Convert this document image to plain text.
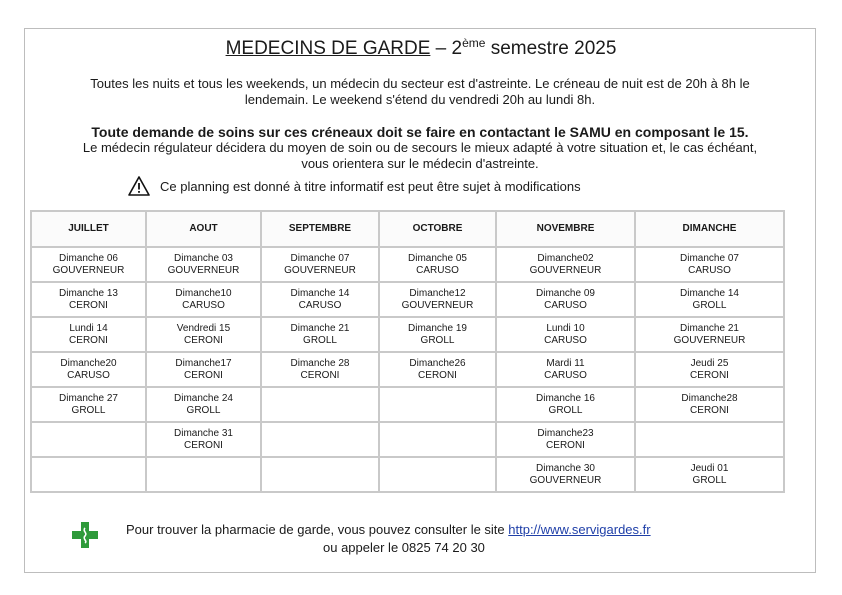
MEDECINS DE GARDE – 2ème semestre 2025
Toutes les nuits et tous les weekends, un médecin du secteur est d'astreinte. Le créneau de nuit est de 20h à 8h le
lendemain. Le weekend s'étend du vendredi 20h au lundi 8h.
Toute demande de soins sur ces créneaux doit se faire en contactant le SAMU en composant le 15.
Le médecin régulateur décidera du moyen de soin ou de secours le mieux adapté à votre situation et, le cas échéant,
vous orientera sur le médecin d'astreinte.
Ce planning est donné à titre informatif est peut être sujet à modifications
JUILLET	AOUT	SEPTEMBRE	OCTOBRE	NOVEMBRE	DIMANCHE

Dimanche 06
GOUVERNEUR	Dimanche 03
GOUVERNEUR	Dimanche 07
GOUVERNEUR	Dimanche 05
CARUSO	Dimanche02
GOUVERNEUR	Dimanche 07
CARUSO

Dimanche 13
CERONI	Dimanche10
CARUSO	Dimanche 14
CARUSO	Dimanche12
GOUVERNEUR	Dimanche 09
CARUSO	Dimanche 14
GROLL

Lundi 14
CERONI	Vendredi 15
CERONI	Dimanche 21
GROLL	Dimanche 19
GROLL	Lundi 10
CARUSO	Dimanche 21
GOUVERNEUR

Dimanche20
CARUSO	Dimanche17
CERONI	Dimanche 28
CERONI	Dimanche26
CERONI	Mardi 11
CARUSO	Jeudi 25
CERONI

Dimanche 27
GROLL	Dimanche 24
GROLL			Dimanche 16
GROLL	Dimanche28
CERONI

	Dimanche 31
CERONI			Dimanche23
CERONI	

				Dimanche 30
GOUVERNEUR	Jeudi 01
GROLL
Pour trouver la pharmacie de garde, vous pouvez consulter le site http://www.servigardes.fr
ou appeler le 0825 74 20 30
